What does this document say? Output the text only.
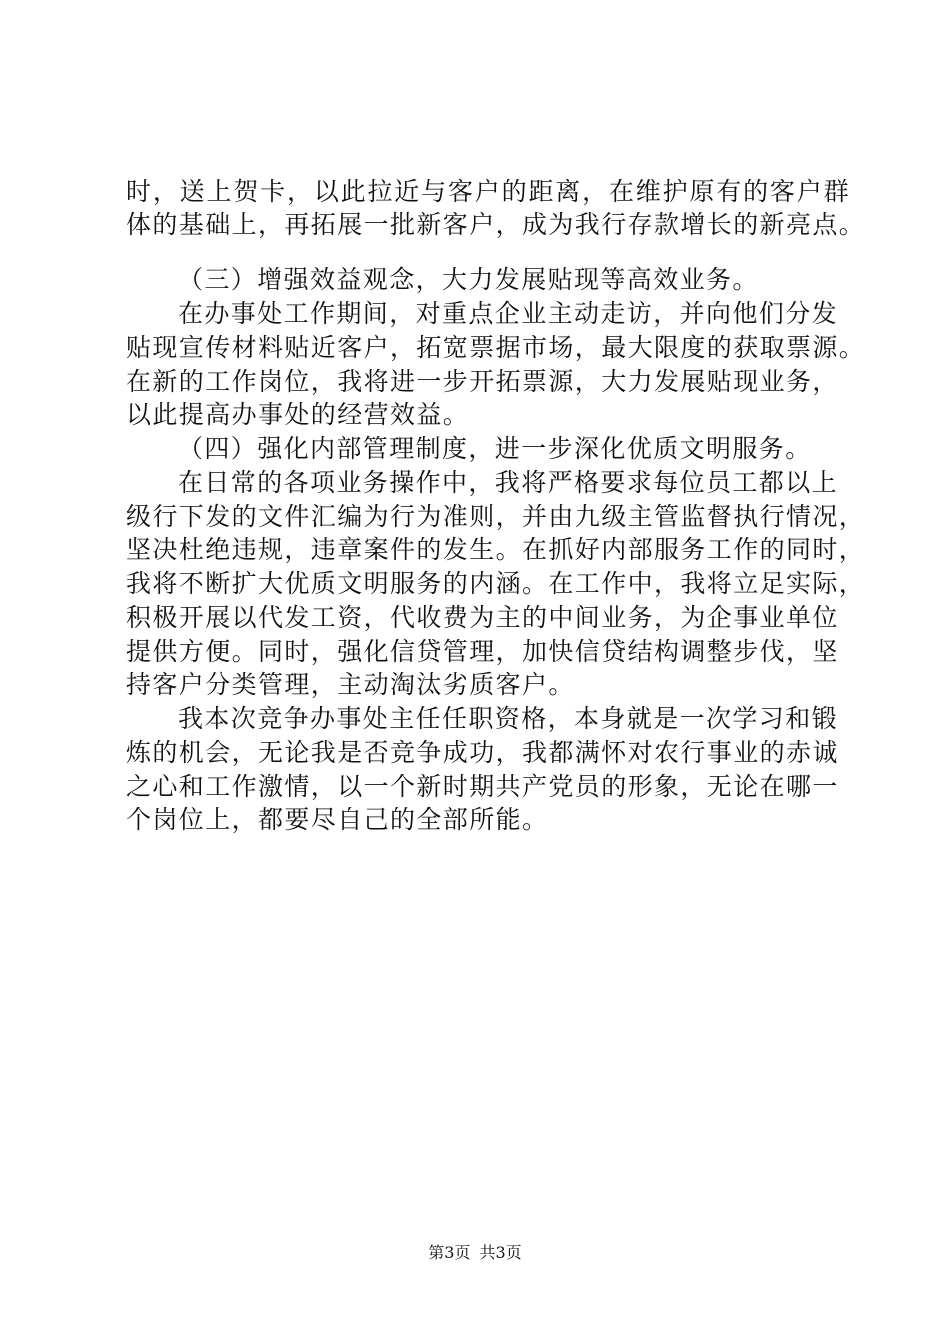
时，送上贺卡，以此拉近与客户的距离，在维护原有的客户群
体的基础上，再拓展一批新客户，成为我行存款增长的新亮点。
（三）增强效益观念，大力发展贴现等高效业务。
在办事处工作期间，对重点企业主动走访，并向他们分发
贴现宣传材料贴近客户，拓宽票据市场，最大限度的获取票源。
在新的工作岗位，我将进一步开拓票源，大力发展贴现业务，
以此提高办事处的经营效益。
（四）强化内部管理制度，进一步深化优质文明服务。
在日常的各项业务操作中，我将严格要求每位员工都以上
级行下发的文件汇编为行为准则，并由九级主管监督执行情况，
坚决杜绝违规，违章案件的发生。在抓好内部服务工作的同时，
我将不断扩大优质文明服务的内涵。在工作中，我将立足实际，
积极开展以代发工资，代收费为主的中间业务，为企事业单位
提供方便。同时，强化信贷管理，加快信贷结构调整步伐，坚
持客户分类管理，主动淘汰劣质客户。
我本次竞争办事处主任任职资格，本身就是一次学习和锻
炼的机会，无论我是否竞争成功，我都满怀对农行事业的赤诚
之心和工作激情，以一个新时期共产党员的形象，无论在哪一
个岗位上，都要尽自己的全部所能。
第3页 共3页
